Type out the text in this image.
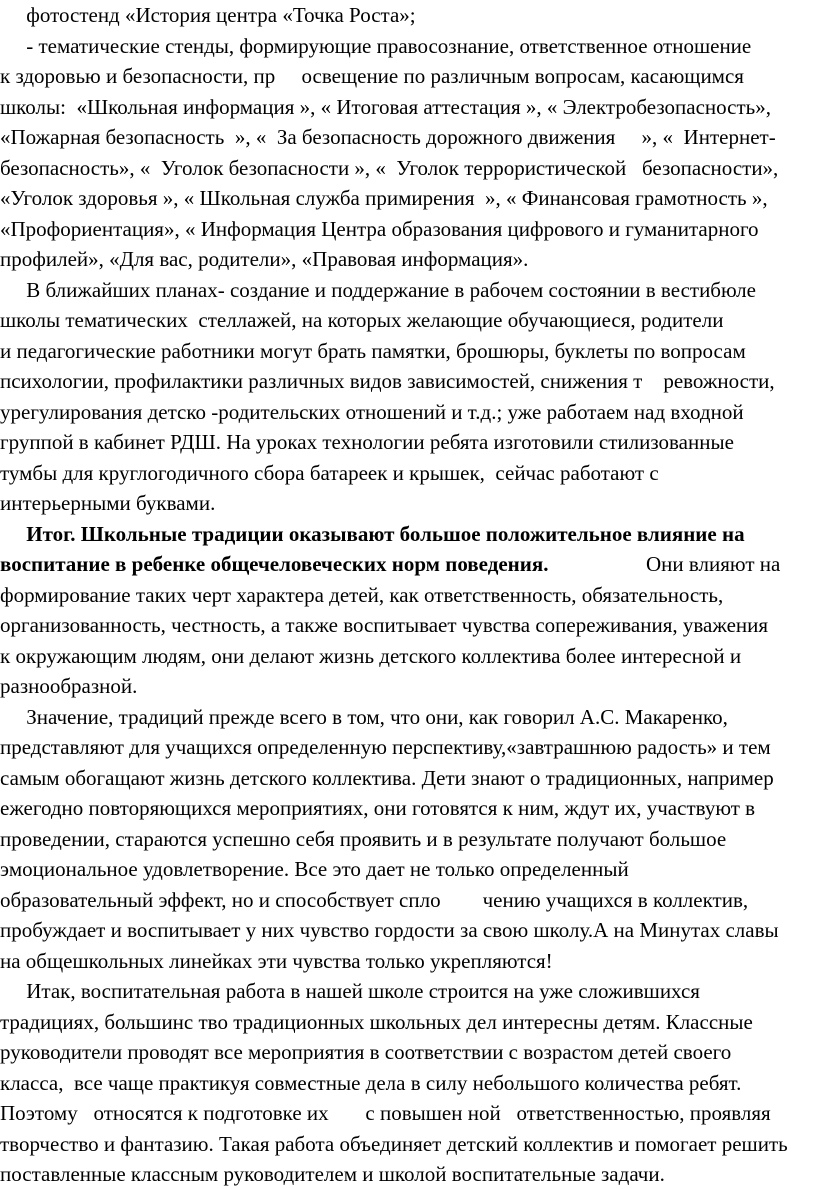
фотостенд «История центра «Точка Роста»;
- тематические стенды, формирующие правосознание, ответственное отношение
к здоровью и безопасности, пр     освещение по различным вопросам, касающимся
школы:  «Школьная информация », « Итоговая аттестация », « Электробезопасность»,
«Пожарная безопасность  », «  За безопасность дорожного движения     », «  Интернет-
безопасность», «  Уголок безопасности », «  Уголок террористической   безопасности»,
«Уголок здоровья », « Школьная служба примирения  », « Финансовая грамотность »,
«Профориентация», « Информация Центра образования цифрового и гуманитарного
профилей», «Для вас, родители», «Правовая информация».
В ближайших планах- создание и поддержание в рабочем состоянии в вестибюле
школы тематических  стеллажей, на которых желающие обучающиеся, родители
и педагогические работники могут брать памятки, брошюры, буклеты по вопросам
психологии, профилактики различных видов зависимостей, снижения т    ревожности,
урегулирования детско -родительских отношений и т.д.; уже работаем над входной
группой в кабинет РДШ. На уроках технологии ребята изготовили стилизованные
тумбы для круглогодичного сбора батареек и крышек,  сейчас работают с
интерьерными буквами.
Итог. Школьные традиции оказывают большое положительное влияние на
воспитание в ребенке общечеловеческих норм поведения.	Они влияют на
формирование таких черт характера детей, как ответственность, обязательность,
организованность, честность, а также воспитывает чувства сопереживания, уважения
к окружающим людям, они делают жизнь детского коллектива более интересной и
разнообразной.
Значение, традиций прежде всего в том, что они, как говорил А.С. Макаренко,
представляют для учащихся определенную перспективу,«завтрашнюю радость» и тем
самым обогащают жизнь детского коллектива. Дети знают о традиционных, например
ежегодно повторяющихся мероприятиях, они готовятся к ним, ждут их, участвуют в
проведении, стараются успешно себя проявить и в результате получают большое
эмоциональное удовлетворение. Все это дает не только определенный
образовательный эффект, но и способствует спло        чению учащихся в коллектив,
пробуждает и воспитывает у них чувство гордости за свою школу.А на Минутах славы
на общешкольных линейках эти чувства только укрепляются!
Итак, воспитательная работа в нашей школе строится на уже сложившихся
традициях, большинс тво традиционных школьных дел интересны детям. Классные
руководители проводят все мероприятия в соответствии с возрастом детей своего
класса,  все чаще практикуя совместные дела в силу небольшого количества ребят.
Поэтому   относятся к подготовке их       с повышен ной   ответственностью, проявляя
творчество и фантазию. Такая работа объединяет детский коллектив и помогает решить
поставленные классным руководителем и школой воспитательные задачи.
